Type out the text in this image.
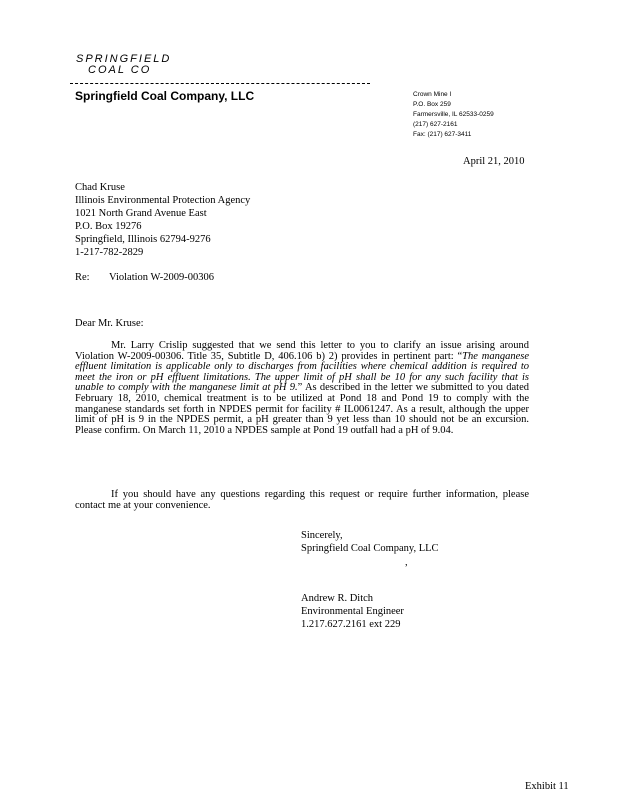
SPRINGFIELD
COAL CO
Springfield Coal Company, LLC	Crown Mine I
P.O. Box 259
Farmersville, IL 62533-0259
(217) 627-2161
Fax: (217) 627-3411
April 21, 2010
Chad Kruse
Illinois Environmental Protection Agency
1021 North Grand Avenue East
P.O. Box 19276
Springfield, Illinois 62794-9276
1-217-782-2829
Re: Violation W-2009-00306
Dear Mr. Kruse:
Mr. Larry Crislip suggested that we send this letter to you to clarify an issue arising around Violation W-2009-00306. Title 35, Subtitle D, 406.106 b) 2) provides in pertinent part: “The manganese effluent limitation is applicable only to discharges from facilities where chemical addition is required to meet the iron or pH effluent limitations. The upper limit of pH shall be 10 for any such facility that is unable to comply with the manganese limit at pH 9.” As described in the letter we submitted to you dated February 18, 2010, chemical treatment is to be utilized at Pond 18 and Pond 19 to comply with the manganese standards set forth in NPDES permit for facility # IL0061247. As a result, although the upper limit of pH is 9 in the NPDES permit, a pH greater than 9 yet less than 10 should not be an excursion. Please confirm. On March 11, 2010 a NPDES sample at Pond 19 outfall had a pH of 9.04.
If you should have any questions regarding this request or require further information, please contact me at your convenience.
Sincerely,
Springfield Coal Company, LLC
,
Andrew R. Ditch
Environmental Engineer
1.217.627.2161 ext 229
Exhibit 11
